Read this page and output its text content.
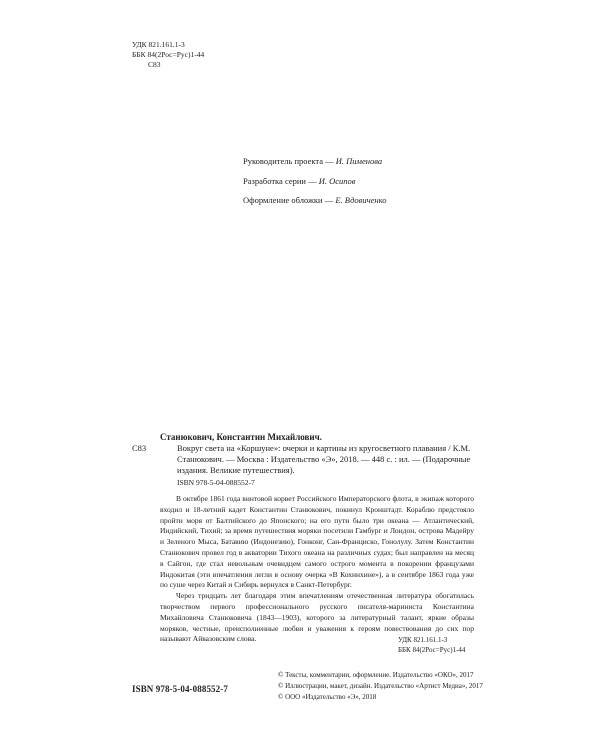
УДК 821.161.1-3
ББК 84(2Рос=Рус)1-44
С83
Руководитель проекта — И. Пименова
Разработка серии — И. Осипов
Оформление обложки — Е. Вдовиченко
Станюкович, Константин Михайлович.
С83	Вокруг света на «Коршуне»: очерки и картины из кругосветного плавания / К.М. Станюкович. — Москва : Издательство «Э», 2018. — 448 с. : ил. — (Подарочные издания. Великие путешествия).
ISBN 978-5-04-088552-7

В октябре 1861 года винтовой корвет Российского Императорского флота, в экипаж которого входил и 18-летний кадет Константин Станюкович, покинул Кронштадт. Кораблю предстояло пройти моря от Балтийского до Японского; на его пути было три океана — Атлантический, Индийский, Тихий; за время путешествия моряки посетили Гамбург и Лондон, острова Мадейру и Зеленого Мыса, Батавию (Индонезию), Гонконг, Сан-Франциско, Гонолулу. Затем Константин Станюкович провел год в акватории Тихого океана на различных судах; был направлен на месяц в Сайгон, где стал невольным очевидцем самого острого момента в покорении французами Индокитая (эти впечатления легли в основу очерка «В Кохинхине»), а в сентябре 1863 года уже по суше через Китай и Сибирь вернулся в Санкт-Петербург.

Через тридцать лет благодаря этим впечатлениям отечественная литература обогатилась творчеством первого профессионального русского писателя-мариниста Константина Михайловича Станюковича (1843—1903), которого за литературный талант, яркие образы моряков, честные, преисполненные любви и уважения к героям повествования до сих пор называют Айвазовским слова.	УДК 821.161.1-3
ББК 84(2Рос=Рус)1-44
© Тексты, комментарии, оформление. Издательство «ОКО», 2017
© Иллюстрации, макет, дизайн. Издательство «Артист Медиа», 2017
© ООО «Издательство «Э», 2018
ISBN 978-5-04-088552-7
